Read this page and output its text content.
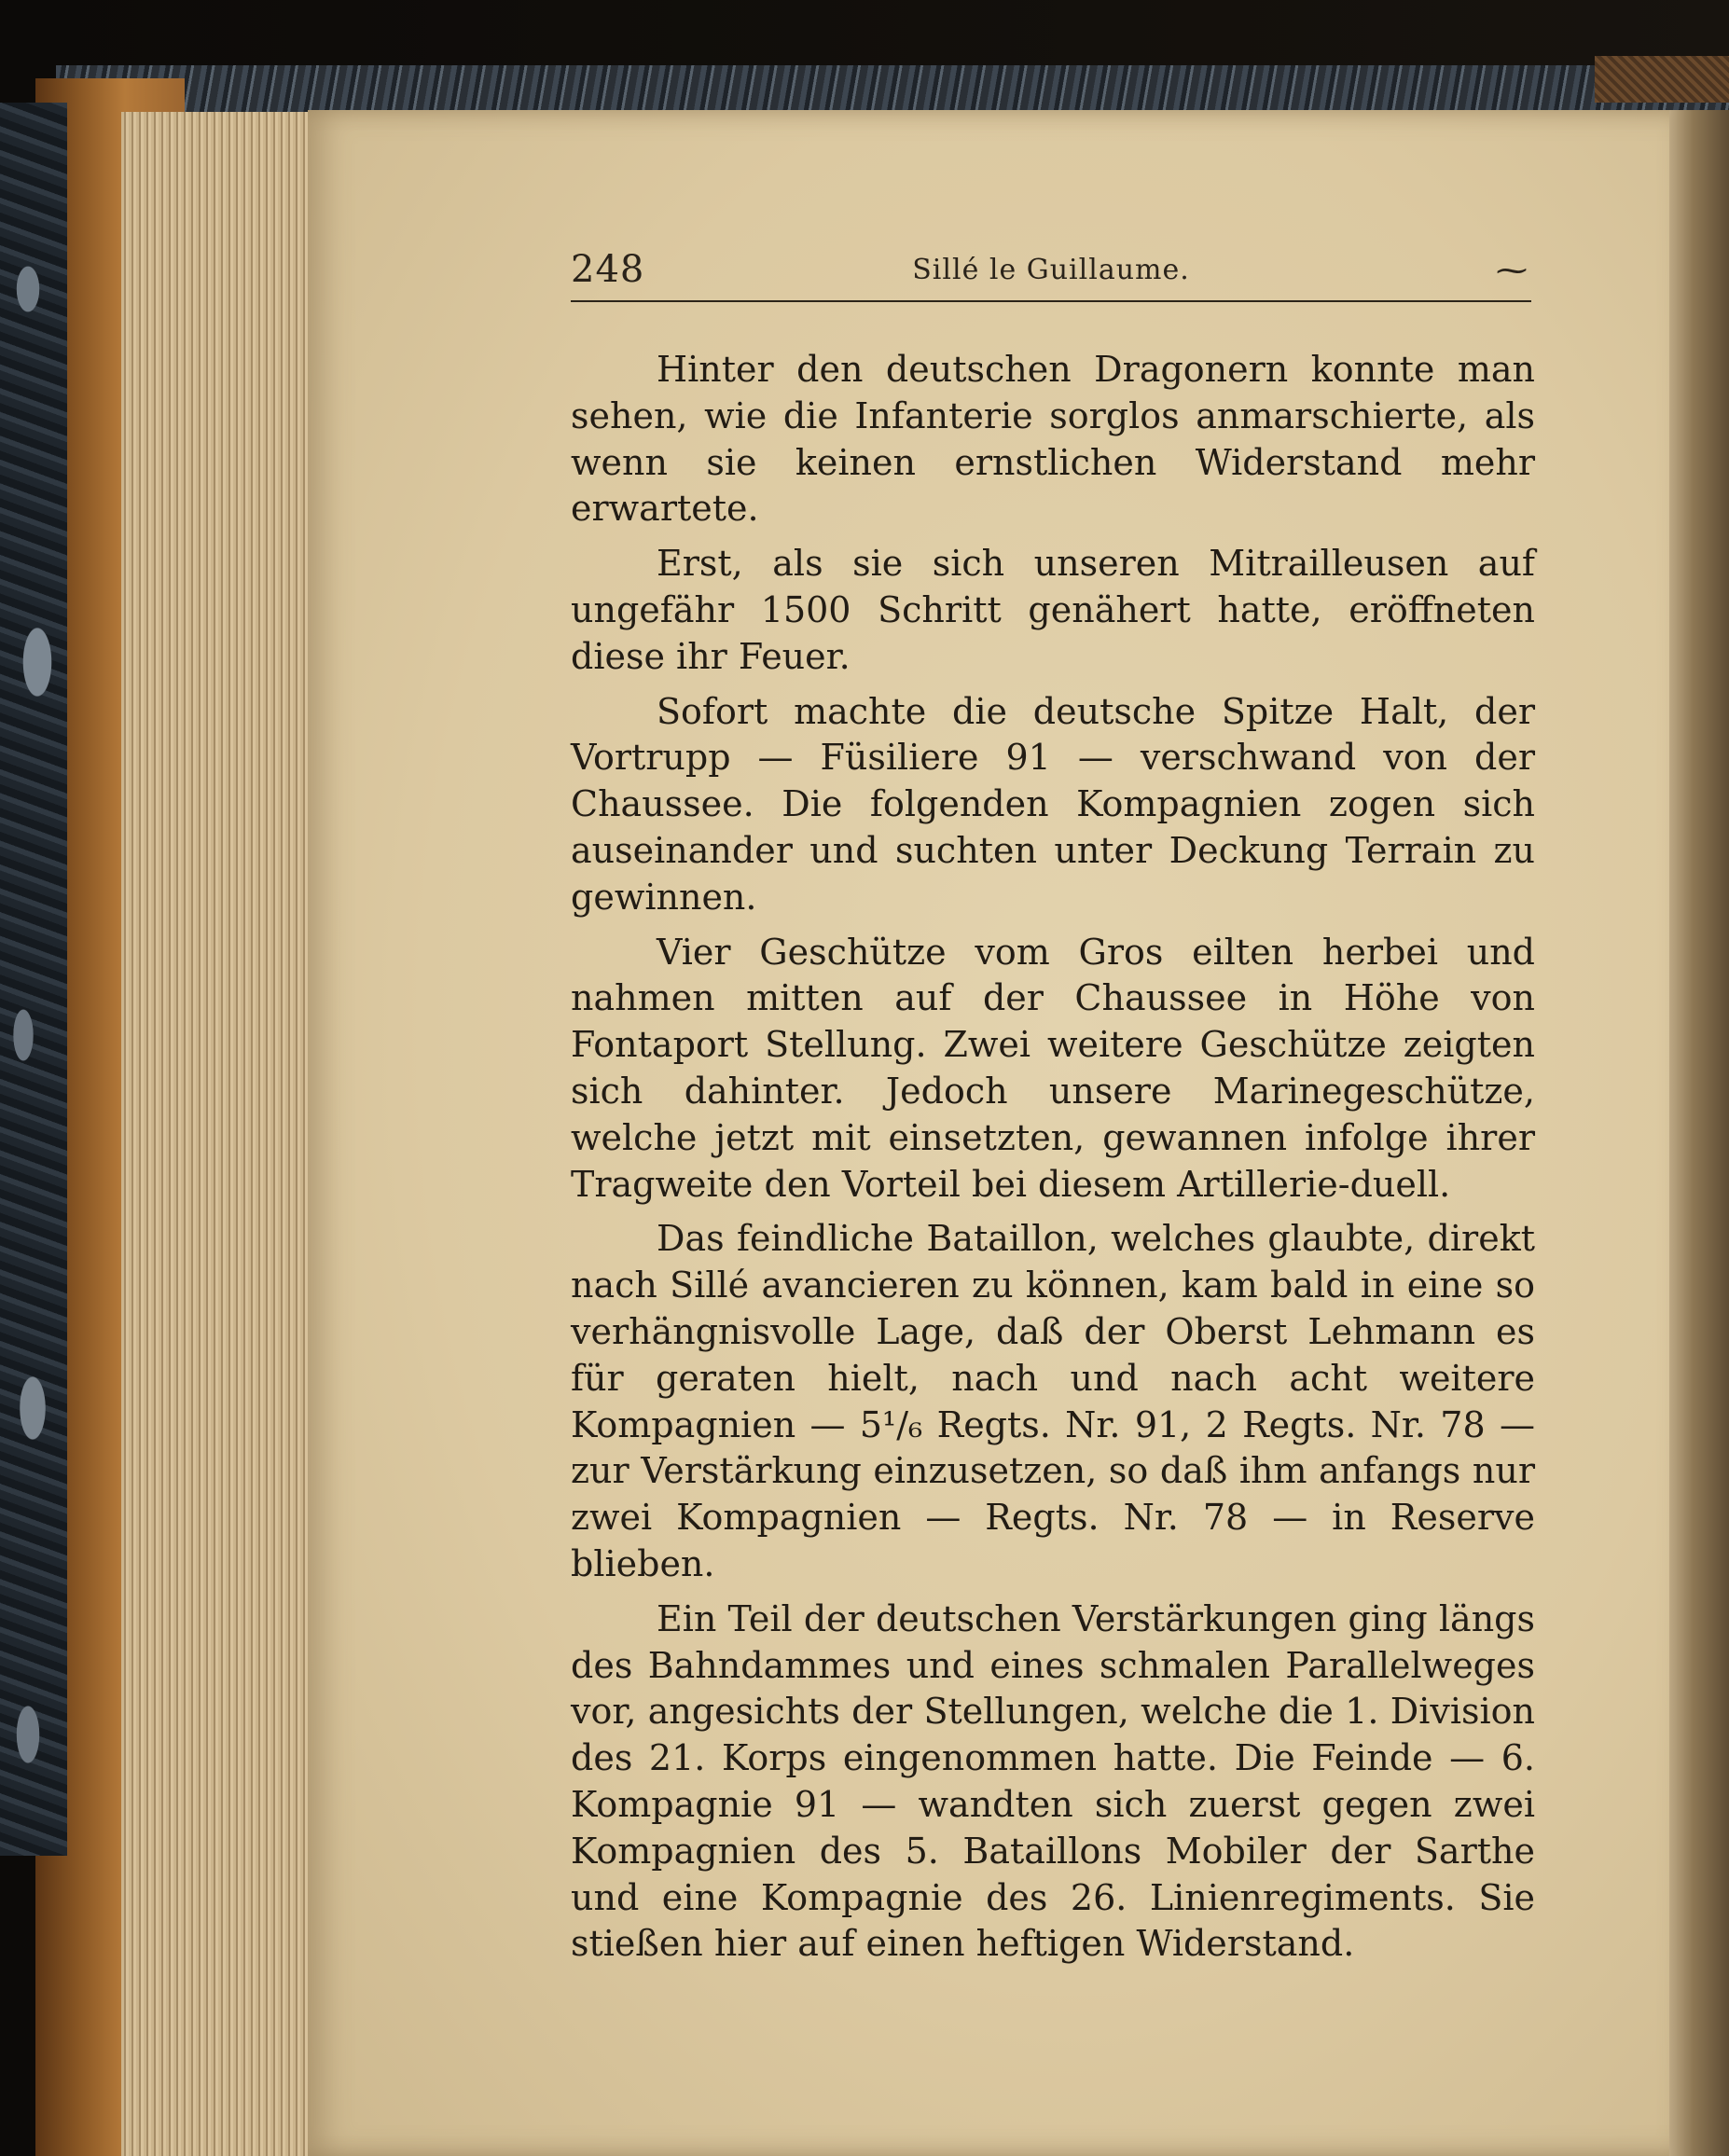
248	Sillé le Guillaume.	⁓

Hinter den deutschen Dragonern konnte man sehen, wie die Infanterie sorglos anmarschierte, als wenn sie keinen ernstlichen Widerstand mehr erwartete.

Erst, als sie sich unseren Mitrailleusen auf ungefähr 1500 Schritt genähert hatte, eröffneten diese ihr Feuer.

Sofort machte die deutsche Spitze Halt, der Vortrupp — Füsiliere 91 — verschwand von der Chaussee. Die folgenden Kompagnien zogen sich auseinander und suchten unter Deckung Terrain zu gewinnen.

Vier Geschütze vom Gros eilten herbei und nahmen mitten auf der Chaussee in Höhe von Fontaport Stellung. Zwei weitere Geschütze zeigten sich dahinter. Jedoch unsere Marinegeschütze, welche jetzt mit einsetzten, gewannen infolge ihrer Tragweite den Vorteil bei diesem Artillerie-duell.

Das feindliche Bataillon, welches glaubte, direkt nach Sillé avancieren zu können, kam bald in eine so verhängnisvolle Lage, daß der Oberst Lehmann es für geraten hielt, nach und nach acht weitere Kompagnien — 5¹/₆ Regts. Nr. 91, 2 Regts. Nr. 78 — zur Verstärkung einzusetzen, so daß ihm anfangs nur zwei Kompagnien — Regts. Nr. 78 — in Reserve blieben.

Ein Teil der deutschen Verstärkungen ging längs des Bahndammes und eines schmalen Parallelweges vor, angesichts der Stellungen, welche die 1. Division des 21. Korps eingenommen hatte. Die Feinde — 6. Kompagnie 91 — wandten sich zuerst gegen zwei Kompagnien des 5. Bataillons Mobiler der Sarthe und eine Kompagnie des 26. Linienregiments. Sie stießen hier auf einen heftigen Widerstand.
